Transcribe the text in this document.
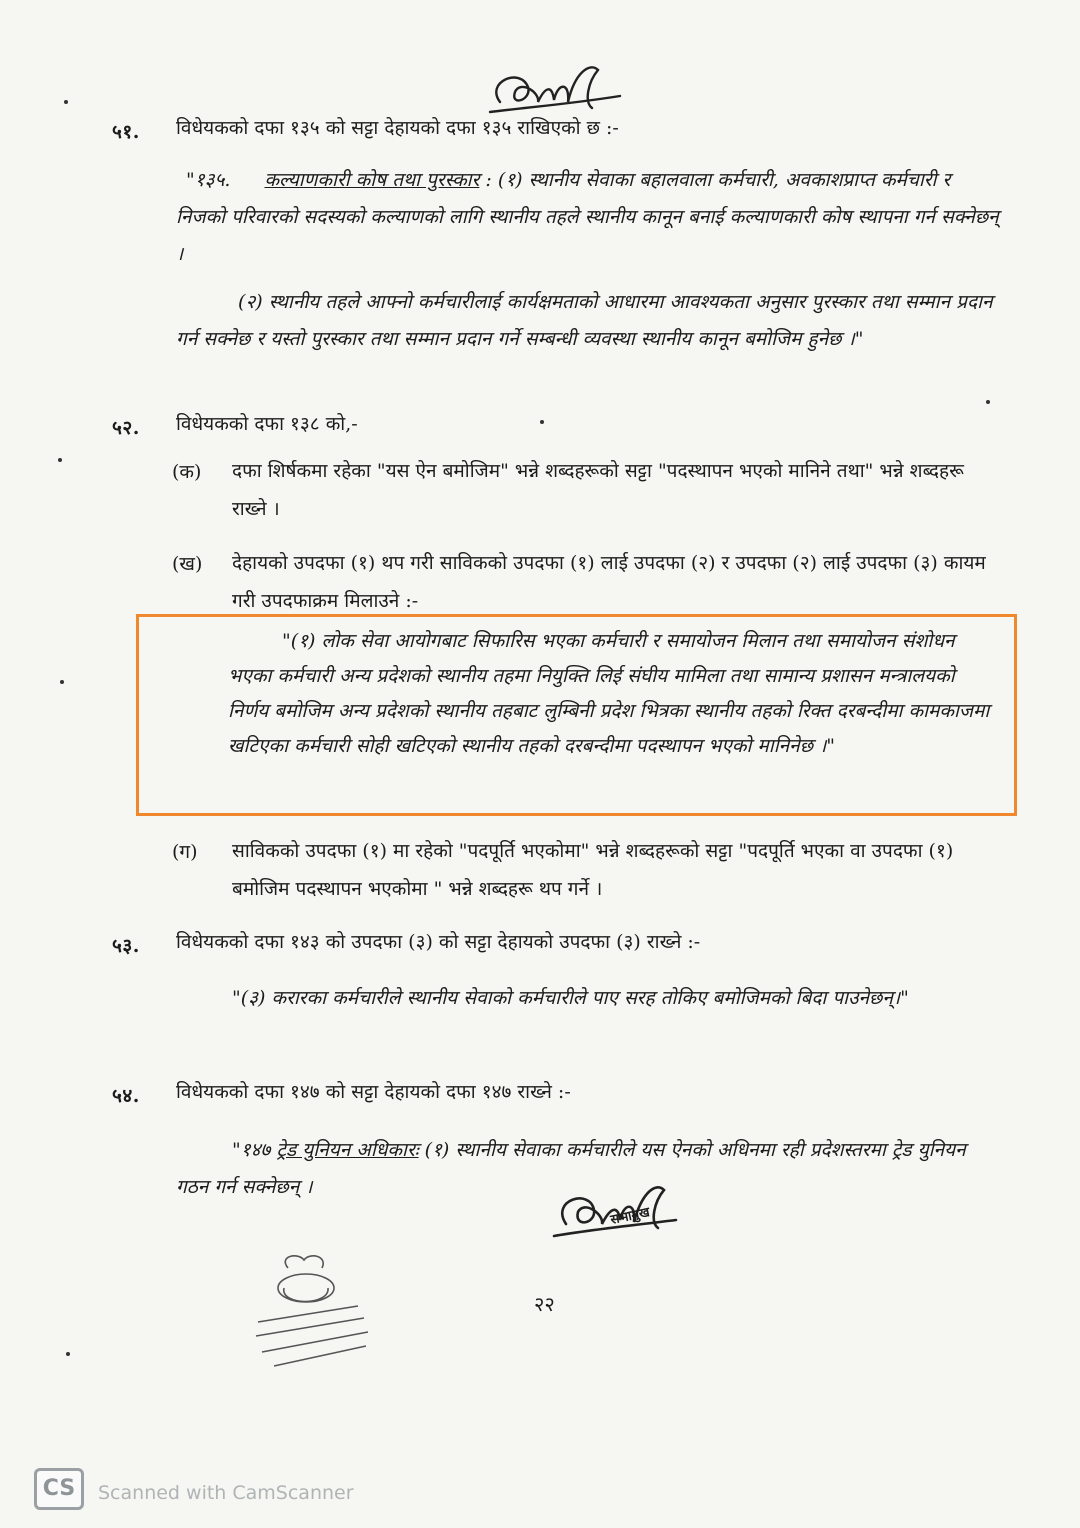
५१. विधेयकको दफा १३५ को सट्टा देहायको दफा १३५ राखिएको छ :-

"१३५. कल्याणकारी कोष तथा पुरस्कार : (१) स्थानीय सेवाका बहालवाला कर्मचारी, अवकाशप्राप्त कर्मचारी र निजको परिवारको सदस्यको कल्याणको लागि स्थानीय तहले स्थानीय कानून बनाई कल्याणकारी कोष स्थापना गर्न सक्नेछन् ।

(२) स्थानीय तहले आफ्नो कर्मचारीलाई कार्यक्षमताको आधारमा आवश्यकता अनुसार पुरस्कार तथा सम्मान प्रदान गर्न सक्नेछ र यस्तो पुरस्कार तथा सम्मान प्रदान गर्ने सम्बन्धी व्यवस्था स्थानीय कानून बमोजिम हुनेछ ।"

५२. विधेयकको दफा १३८ को,-

(क) दफा शिर्षकमा रहेका "यस ऐन बमोजिम" भन्ने शब्दहरूको सट्टा "पदस्थापन भएको मानिने तथा" भन्ने शब्दहरू राख्ने ।

(ख) देहायको उपदफा (१) थप गरी साविकको उपदफा (१) लाई उपदफा (२) र उपदफा (२) लाई उपदफा (३) कायम गरी उपदफाक्रम मिलाउने :-

"(१) लोक सेवा आयोगबाट सिफारिस भएका कर्मचारी र समायोजन मिलान तथा समायोजन संशोधन भएका कर्मचारी अन्य प्रदेशको स्थानीय तहमा नियुक्ति लिई संघीय मामिला तथा सामान्य प्रशासन मन्त्रालयको निर्णय बमोजिम अन्य प्रदेशको स्थानीय तहबाट लुम्बिनी प्रदेश भित्रका स्थानीय तहको रिक्त दरबन्दीमा कामकाजमा खटिएका कर्मचारी सोही खटिएको स्थानीय तहको दरबन्दीमा पदस्थापन भएको मानिनेछ ।"

(ग) साविकको उपदफा (१) मा रहेको "पदपूर्ति भएकोमा" भन्ने शब्दहरूको सट्टा "पदपूर्ति भएका वा उपदफा (१) बमोजिम पदस्थापन भएकोमा " भन्ने शब्दहरू थप गर्ने ।

५३. विधेयकको दफा १४३ को उपदफा (३) को सट्टा देहायको उपदफा (३) राख्ने :-

"(३) करारका कर्मचारीले स्थानीय सेवाको कर्मचारीले पाए सरह तोकिए बमोजिमको बिदा पाउनेछन्।"

५४. विधेयकको दफा १४७ को सट्टा देहायको दफा १४७ राख्ने :-

"१४७ ट्रेड युनियन अधिकारः (१) स्थानीय सेवाका कर्मचारीले यस ऐनको अधिनमा रही प्रदेशस्तरमा ट्रेड युनियन गठन गर्न सक्नेछन् ।

सभामुख
२२
CS	Scanned with CamScanner
